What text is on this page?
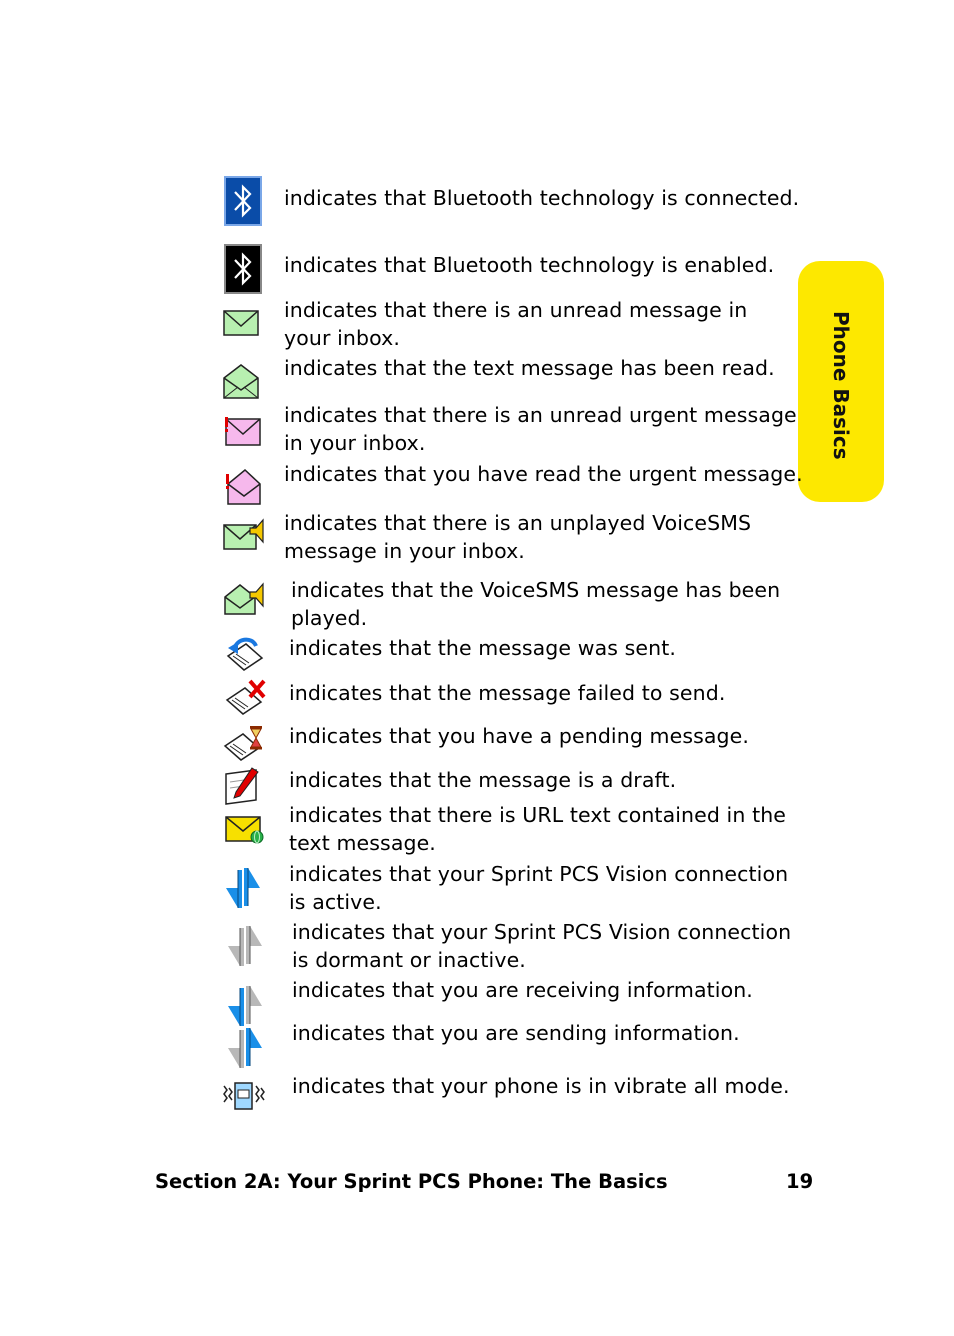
Phone Basics
indicates that Bluetooth technology is connected.
indicates that Bluetooth technology is enabled.
indicates that there is an unread message in
your inbox.
indicates that the text message has been read.
indicates that there is an unread urgent message
in your inbox.
indicates that you have read the urgent message.
indicates that there is an unplayed VoiceSMS
message in your inbox.
indicates that the VoiceSMS message has been
played.
indicates that the message was sent.
indicates that the message failed to send.
indicates that you have a pending message.
indicates that the message is a draft.
indicates that there is URL text contained in the
text message.
indicates that your Sprint PCS Vision connection
is active.
indicates that your Sprint PCS Vision connection
is dormant or inactive.
indicates that you are receiving information.
indicates that you are sending information.
indicates that your phone is in vibrate all mode.
Section 2A: Your Sprint PCS Phone: The Basics	19
